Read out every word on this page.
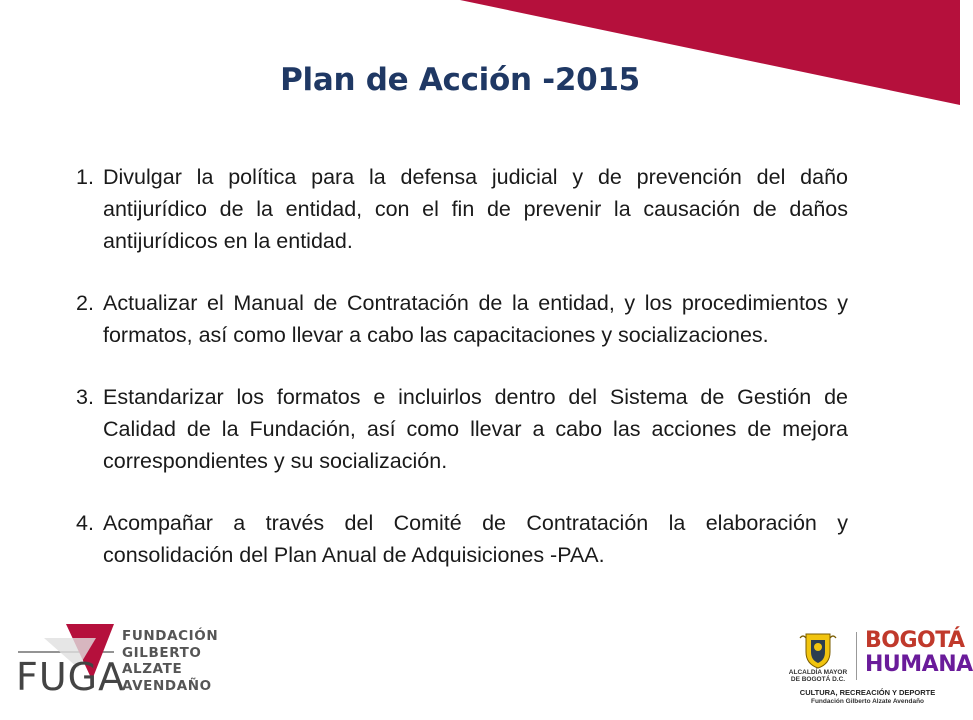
Plan de Acción -2015
1. Divulgar la política para la defensa judicial y de prevención del daño antijurídico de la entidad, con el fin de prevenir la causación de daños antijurídicos en la entidad.
2. Actualizar el Manual de Contratación de la entidad, y los procedimientos y formatos, así como llevar a cabo las capacitaciones y socializaciones.
3. Estandarizar los formatos e incluirlos dentro del Sistema de Gestión de Calidad de la Fundación, así como llevar a cabo las acciones de mejora correspondientes y su socialización.
4. Acompañar a través del Comité de Contratación la elaboración y consolidación del Plan Anual de Adquisiciones -PAA.
FUGA
FUNDACIÓN
GILBERTO
ALZATE
AVENDAÑO
ALCALDÍA MAYOR
DE BOGOTÁ D.C.
BOGOTÁ
HUMANA
CULTURA, RECREACIÓN Y DEPORTE
Fundación Gilberto Alzate Avendaño
